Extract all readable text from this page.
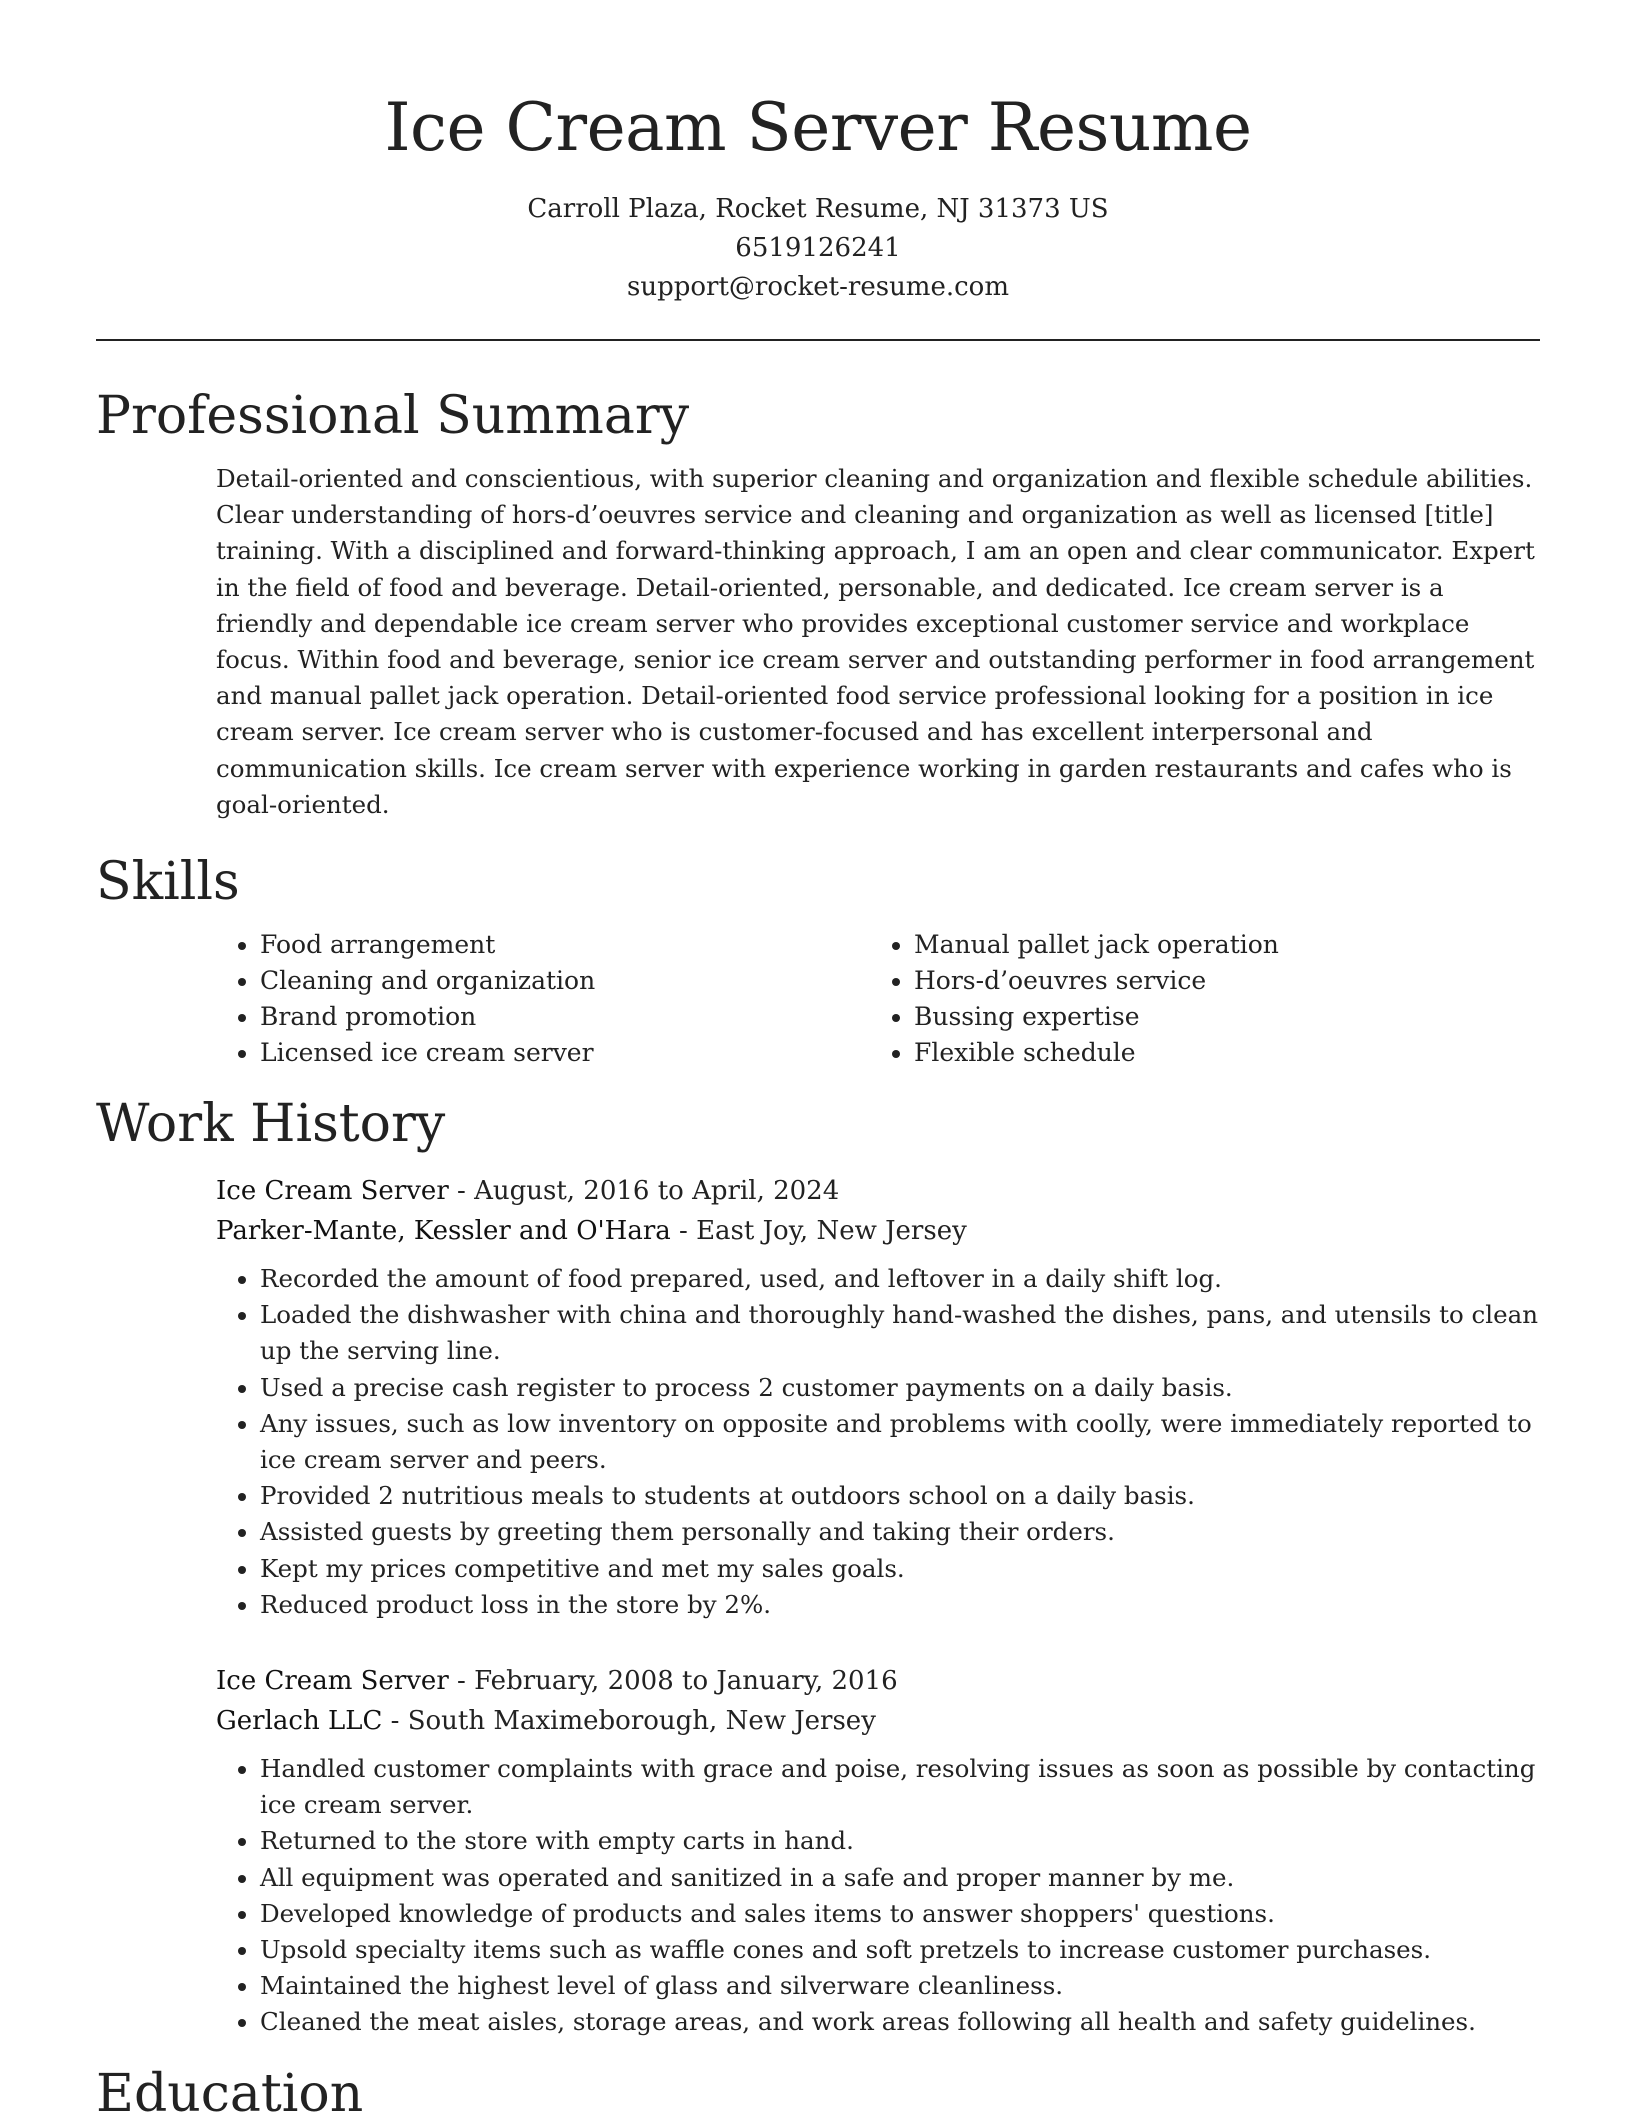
Ice Cream Server Resume
Carroll Plaza, Rocket Resume, NJ 31373 US
6519126241
support@rocket-resume.com
Professional Summary

Detail-oriented and conscientious, with superior cleaning and organization and flexible schedule abilities. Clear understanding of hors-d’oeuvres service and cleaning and organization as well as licensed [title] training. With a disciplined and forward-thinking approach, I am an open and clear communicator. Expert in the field of food and beverage. Detail-oriented, personable, and dedicated. Ice cream server is a friendly and dependable ice cream server who provides exceptional customer service and workplace focus. Within food and beverage, senior ice cream server and outstanding performer in food arrangement and manual pallet jack operation. Detail-oriented food service professional looking for a position in ice cream server. Ice cream server who is customer-focused and has excellent interpersonal and communication skills. Ice cream server with experience working in garden restaurants and cafes who is goal-oriented.

Skills
• Food arrangement
• Cleaning and organization
• Brand promotion
• Licensed ice cream server
• Manual pallet jack operation
• Hors-d’oeuvres service
• Bussing expertise
• Flexible schedule
Work History
Ice Cream Server - August, 2016 to April, 2024
Parker-Mante, Kessler and O'Hara - East Joy, New Jersey
• Recorded the amount of food prepared, used, and leftover in a daily shift log.
• Loaded the dishwasher with china and thoroughly hand-washed the dishes, pans, and utensils to clean up the serving line.
• Used a precise cash register to process 2 customer payments on a daily basis.
• Any issues, such as low inventory on opposite and problems with coolly, were immediately reported to ice cream server and peers.
• Provided 2 nutritious meals to students at outdoors school on a daily basis.
• Assisted guests by greeting them personally and taking their orders.
• Kept my prices competitive and met my sales goals.
• Reduced product loss in the store by 2%.
Ice Cream Server - February, 2008 to January, 2016
Gerlach LLC - South Maximeborough, New Jersey
• Handled customer complaints with grace and poise, resolving issues as soon as possible by contacting ice cream server.
• Returned to the store with empty carts in hand.
• All equipment was operated and sanitized in a safe and proper manner by me.
• Developed knowledge of products and sales items to answer shoppers' questions.
• Upsold specialty items such as waffle cones and soft pretzels to increase customer purchases.
• Maintained the highest level of glass and silverware cleanliness.
• Cleaned the meat aisles, storage areas, and work areas following all health and safety guidelines.
Education
